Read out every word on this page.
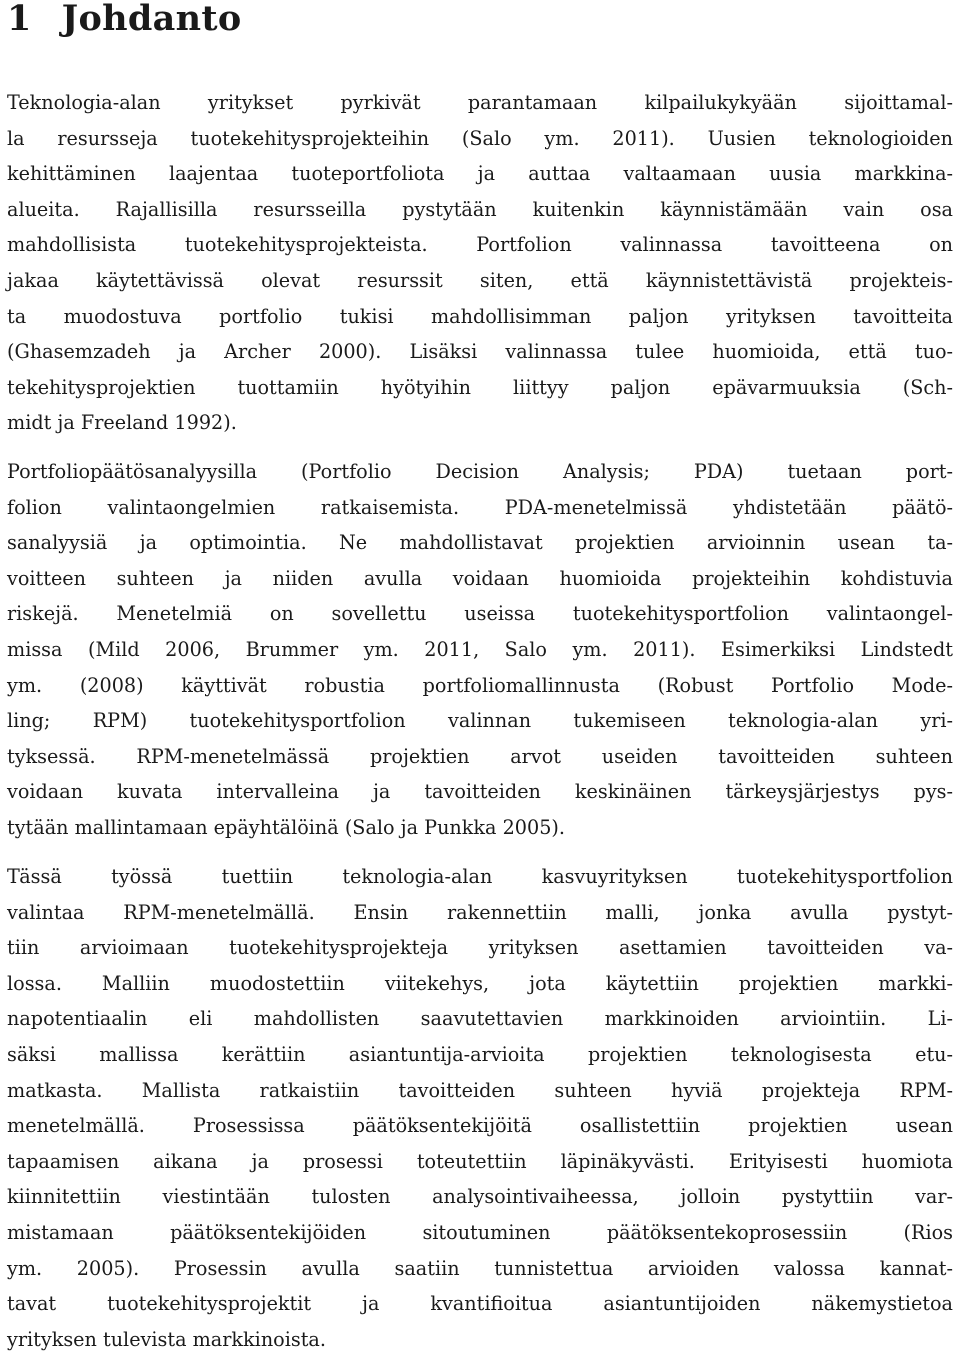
1 Johdanto
Teknologia-alan yritykset pyrkivät parantamaan kilpailukykyään sijoittamal-
la resursseja tuotekehitysprojekteihin (Salo ym. 2011). Uusien teknologioiden
kehittäminen laajentaa tuoteportfoliota ja auttaa valtaamaan uusia markkina-
alueita. Rajallisilla resursseilla pystytään kuitenkin käynnistämään vain osa
mahdollisista tuotekehitysprojekteista. Portfolion valinnassa tavoitteena on
jakaa käytettävissä olevat resurssit siten, että käynnistettävistä projekteis-
ta muodostuva portfolio tukisi mahdollisimman paljon yrityksen tavoitteita
(Ghasemzadeh ja Archer 2000). Lisäksi valinnassa tulee huomioida, että tuo-
tekehitysprojektien tuottamiin hyötyihin liittyy paljon epävarmuuksia (Sch-
midt ja Freeland 1992).
Portfoliopäätösanalyysilla (Portfolio Decision Analysis; PDA) tuetaan port-
folion valintaongelmien ratkaisemista. PDA-menetelmissä yhdistetään päätö-
sanalyysiä ja optimointia. Ne mahdollistavat projektien arvioinnin usean ta-
voitteen suhteen ja niiden avulla voidaan huomioida projekteihin kohdistuvia
riskejä. Menetelmiä on sovellettu useissa tuotekehitysportfolion valintaongel-
missa (Mild 2006, Brummer ym. 2011, Salo ym. 2011). Esimerkiksi Lindstedt
ym. (2008) käyttivät robustia portfoliomallinnusta (Robust Portfolio Mode-
ling; RPM) tuotekehitysportfolion valinnan tukemiseen teknologia-alan yri-
tyksessä. RPM-menetelmässä projektien arvot useiden tavoitteiden suhteen
voidaan kuvata intervalleina ja tavoitteiden keskinäinen tärkeysjärjestys pys-
tytään mallintamaan epäyhtälöinä (Salo ja Punkka 2005).
Tässä työssä tuettiin teknologia-alan kasvuyrityksen tuotekehitysportfolion
valintaa RPM-menetelmällä. Ensin rakennettiin malli, jonka avulla pystyt-
tiin arvioimaan tuotekehitysprojekteja yrityksen asettamien tavoitteiden va-
lossa. Malliin muodostettiin viitekehys, jota käytettiin projektien markki-
napotentiaalin eli mahdollisten saavutettavien markkinoiden arviointiin. Li-
säksi mallissa kerättiin asiantuntija-arvioita projektien teknologisesta etu-
matkasta. Mallista ratkaistiin tavoitteiden suhteen hyviä projekteja RPM-
menetelmällä. Prosessissa päätöksentekijöitä osallistettiin projektien usean
tapaamisen aikana ja prosessi toteutettiin läpinäkyvästi. Erityisesti huomiota
kiinnitettiin viestintään tulosten analysointivaiheessa, jolloin pystyttiin var-
mistamaan päätöksentekijöiden sitoutuminen päätöksentekoprosessiin (Rios
ym. 2005). Prosessin avulla saatiin tunnistettua arvioiden valossa kannat-
tavat tuotekehitysprojektit ja kvantifioitua asiantuntijoiden näkemystietoa
yrityksen tulevista markkinoista.
